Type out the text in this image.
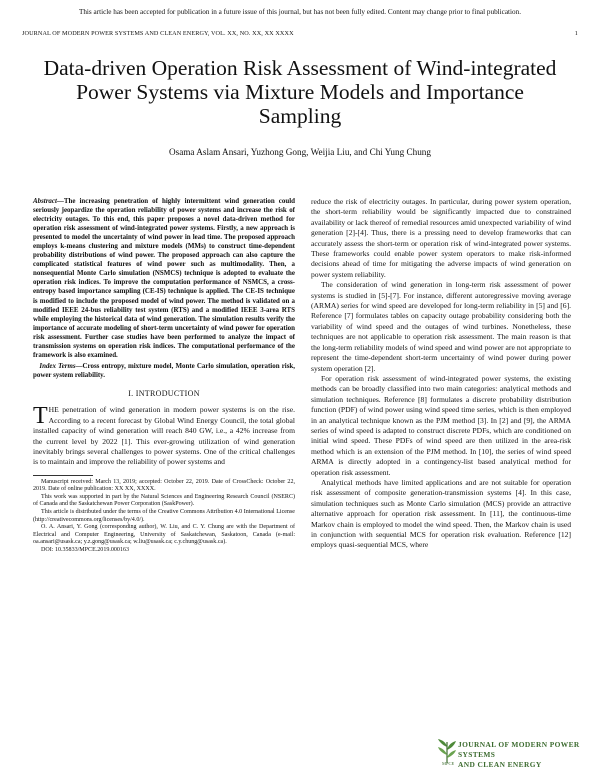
This article has been accepted for publication in a future issue of this journal, but has not been fully edited. Content may change prior to final publication.
JOURNAL OF MODERN POWER SYSTEMS AND CLEAN ENERGY, VOL. XX, NO. XX, XX XXXX	1
Data-driven Operation Risk Assessment of Wind-integrated Power Systems via Mixture Models and Importance Sampling
Osama Aslam Ansari, Yuzhong Gong, Weijia Liu, and Chi Yung Chung
Abstract—The increasing penetration of highly intermittent wind generation could seriously jeopardize the operation reliability of power systems and increase the risk of electricity outages. To this end, this paper proposes a novel data-driven method for operation risk assessment of wind-integrated power systems. Firstly, a new approach is presented to model the uncertainty of wind power in lead time. The proposed approach employs k-means clustering and mixture models (MMs) to construct time-dependent probability distributions of wind power. The proposed approach can also capture the complicated statistical features of wind power such as multimodality. Then, a nonsequential Monte Carlo simulation (NSMCS) technique is adopted to evaluate the operation risk indices. To improve the computation performance of NSMCS, a cross-entropy based importance sampling (CE-IS) technique is applied. The CE-IS technique is modified to include the proposed model of wind power. The method is validated on a modified IEEE 24-bus reliability test system (RTS) and a modified IEEE 3-area RTS while employing the historical data of wind generation. The simulation results verify the importance of accurate modeling of short-term uncertainty of wind power for operation risk assessment. Further case studies have been performed to analyze the impact of transmission systems on operation risk indices. The computational performance of the framework is also examined.
Index Terms—Cross entropy, mixture model, Monte Carlo simulation, operation risk, power system reliability.
I. INTRODUCTION

THE penetration of wind generation in modern power systems is on the rise. According to a recent forecast by Global Wind Energy Council, the total global installed capacity of wind generation will reach 840 GW, i.e., a 42% increase from the current level by 2022 [1]. This ever-growing utilization of wind generation inevitably brings several challenges to power systems. One of the critical challenges is to maintain and improve the reliability of power systems and

Manuscript received: March 13, 2019; accepted: October 22, 2019. Date of CrossCheck: October 22, 2019. Date of online publication: XX XX, XXXX.

This work was supported in part by the Natural Sciences and Engineering Research Council (NSERC) of Canada and the Saskatchewan Power Corporation (SaskPower).

This article is distributed under the terms of the Creative Commons Attribution 4.0 International License (http://creativecommons.org/licenses/by/4.0/).

O. A. Ansari, Y. Gong (corresponding author), W. Liu, and C. Y. Chung are with the Department of Electrical and Computer Engineering, University of Saskatchewan, Saskatoon, Canada (e-mail: oa.ansari@usask.ca; y.z.gong@usask.ca; w.liu@usask.ca; c.y.chung@usask.ca).

DOI: 10.35833/MPCE.2019.000163

reduce the risk of electricity outages. In particular, during power system operation, the short-term reliability would be significantly impacted due to constrained availability or lack thereof of remedial resources amid unexpected variability of wind generation [2]-[4]. Thus, there is a pressing need to develop frameworks that can accurately assess the short-term or operation risk of wind-integrated power systems. These frameworks could enable power system operators to make risk-informed decisions ahead of time for mitigating the adverse impacts of wind generation on power system reliability.

The consideration of wind generation in long-term risk assessment of power systems is studied in [5]-[7]. For instance, different autoregressive moving average (ARMA) series for wind speed are developed for long-term reliability in [5] and [6]. Reference [7] formulates tables on capacity outage probability considering both the variability of wind speed and the outages of wind turbines. Nonetheless, these techniques are not applicable to operation risk assessment. The main reason is that the long-term reliability models of wind speed and wind power are not appropriate to represent the time-dependent short-term uncertainty of wind power during power system operation [2].

For operation risk assessment of wind-integrated power systems, the existing methods can be broadly classified into two main categories: analytical methods and simulation techniques. Reference [8] formulates a discrete probability distribution function (PDF) of wind power using wind speed time series, which is then employed in an analytical technique known as the PJM method [3]. In [2] and [9], the ARMA series of wind speed is adapted to construct discrete PDFs, which are conditioned on initial wind speed. These PDFs of wind speed are then utilized in the area-risk method which is an extension of the PJM method. In [10], the series of wind speed ARMA is directly adopted in a contingency-list based analytical method for operation risk assessment.

Analytical methods have limited applications and are not suitable for operation risk assessment of composite generation-transmission systems [4]. In this case, simulation techniques such as Monte Carlo simulation (MCS) provide an attractive alternative approach for operation risk assessment. In [11], the continuous-time Markov chain is employed to model the wind speed. Then, the Markov chain is used in conjunction with sequential MCS for operation risk evaluation. Reference [12] employs quasi-sequential MCS, where

JOURNAL OF MODERN POWER SYSTEMS
AND CLEAN ENERGY
MPCE
